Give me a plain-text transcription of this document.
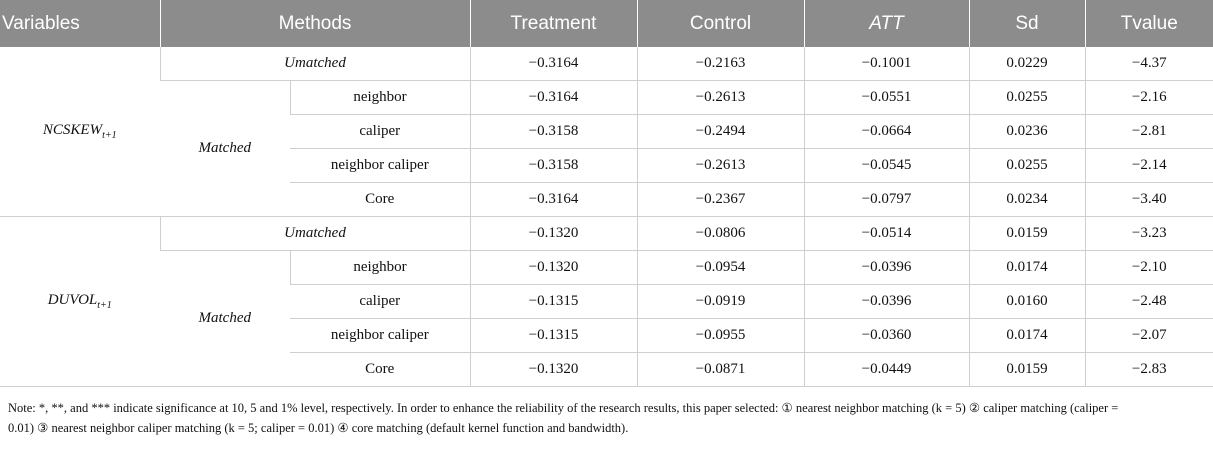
Variables	Methods		Treatment	Control	ATT	Sd	Tvalue
$NCSKEW_{t+1}$	Umatched		−0.3164	−0.2163	−0.1001	0.0229	−4.37
	Matched	neighbor	−0.3164	−0.2613	−0.0551	0.0255	−2.16
		caliper	−0.3158	−0.2494	−0.0664	0.0236	−2.81
		neighbor caliper	−0.3158	−0.2613	−0.0545	0.0255	−2.14
		Core	−0.3164	−0.2367	−0.0797	0.0234	−3.40
$DUVOL_{t+1}$	Umatched		−0.1320	−0.0806	−0.0514	0.0159	−3.23
	Matched	neighbor	−0.1320	−0.0954	−0.0396	0.0174	−2.10
		caliper	−0.1315	−0.0919	−0.0396	0.0160	−2.48
		neighbor caliper	−0.1315	−0.0955	−0.0360	0.0174	−2.07
		Core	−0.1320	−0.0871	−0.0449	0.0159	−2.83
Note: *, **, and *** indicate significance at 10, 5 and 1% level, respectively. In order to enhance the reliability of the research results, this paper selected: ① nearest neighbor matching (k = 5) ② caliper matching (caliper = 0.01) ③ nearest neighbor caliper matching (k = 5; caliper = 0.01) ④ core matching (default kernel function and bandwidth).
